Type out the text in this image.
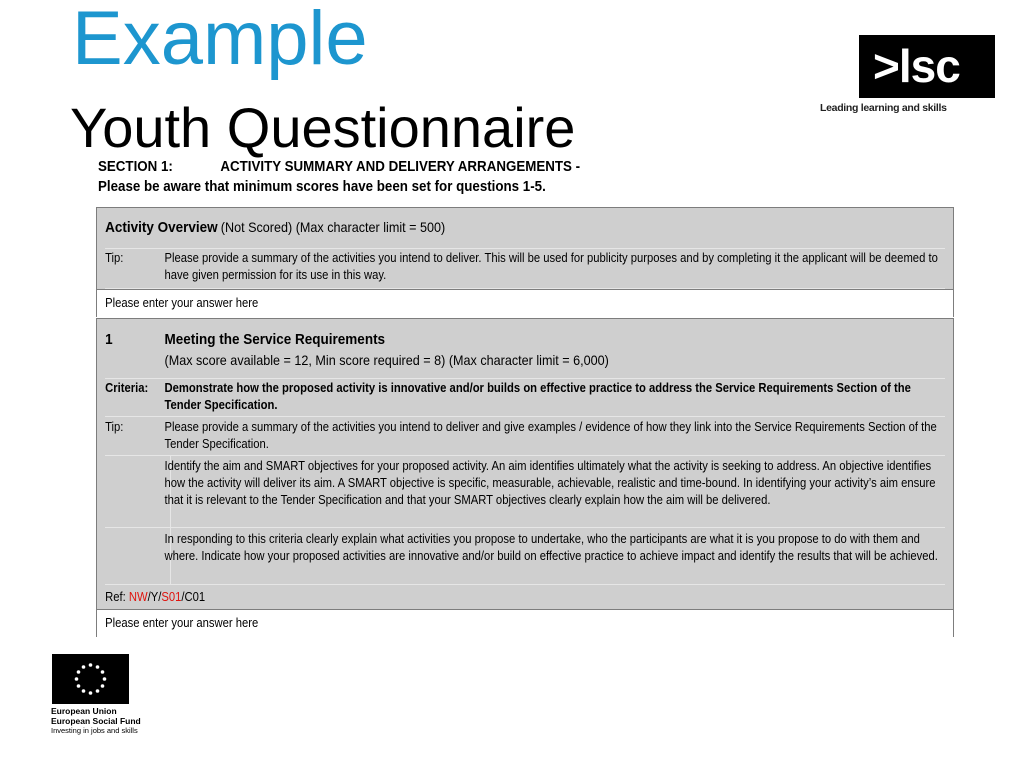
Example
Youth Questionnaire
SECTION 1:	ACTIVITY SUMMARY AND DELIVERY ARRANGEMENTS -
Please be aware that minimum scores have been set for questions 1-5.
>lsc
Leading learning and skills
Activity Overview (Not Scored) (Max character limit = 500)
Tip:	Please provide a summary of the activities you intend to deliver. This will be used for publicity purposes and by completing it the applicant will be deemed to have given permission for its use in this way.
Please enter your answer here
1	Meeting the Service Requirements
(Max score available = 12, Min score required = 8) (Max character limit = 6,000)
Criteria: Demonstrate how the proposed activity is innovative and/or builds on effective practice to address the Service Requirements Section of the Tender Specification.
Tip:	Please provide a summary of the activities you intend to deliver and give examples / evidence of how they link into the Service Requirements Section of the Tender Specification.
Identify the aim and SMART objectives for your proposed activity. An aim identifies ultimately what the activity is seeking to address. An objective identifies how the activity will deliver its aim. A SMART objective is specific, measurable, achievable, realistic and time-bound. In identifying your activity’s aim ensure that it is relevant to the Tender Specification and that your SMART objectives clearly explain how the aim will be delivered.
In responding to this criteria clearly explain what activities you propose to undertake, who the participants are what it is you propose to do with them and where. Indicate how your proposed activities are innovative and/or build on effective practice to achieve impact and identify the results that will be achieved.
Ref: NW/Y/S01/C01
Please enter your answer here
European Union
European Social Fund
Investing in jobs and skills
